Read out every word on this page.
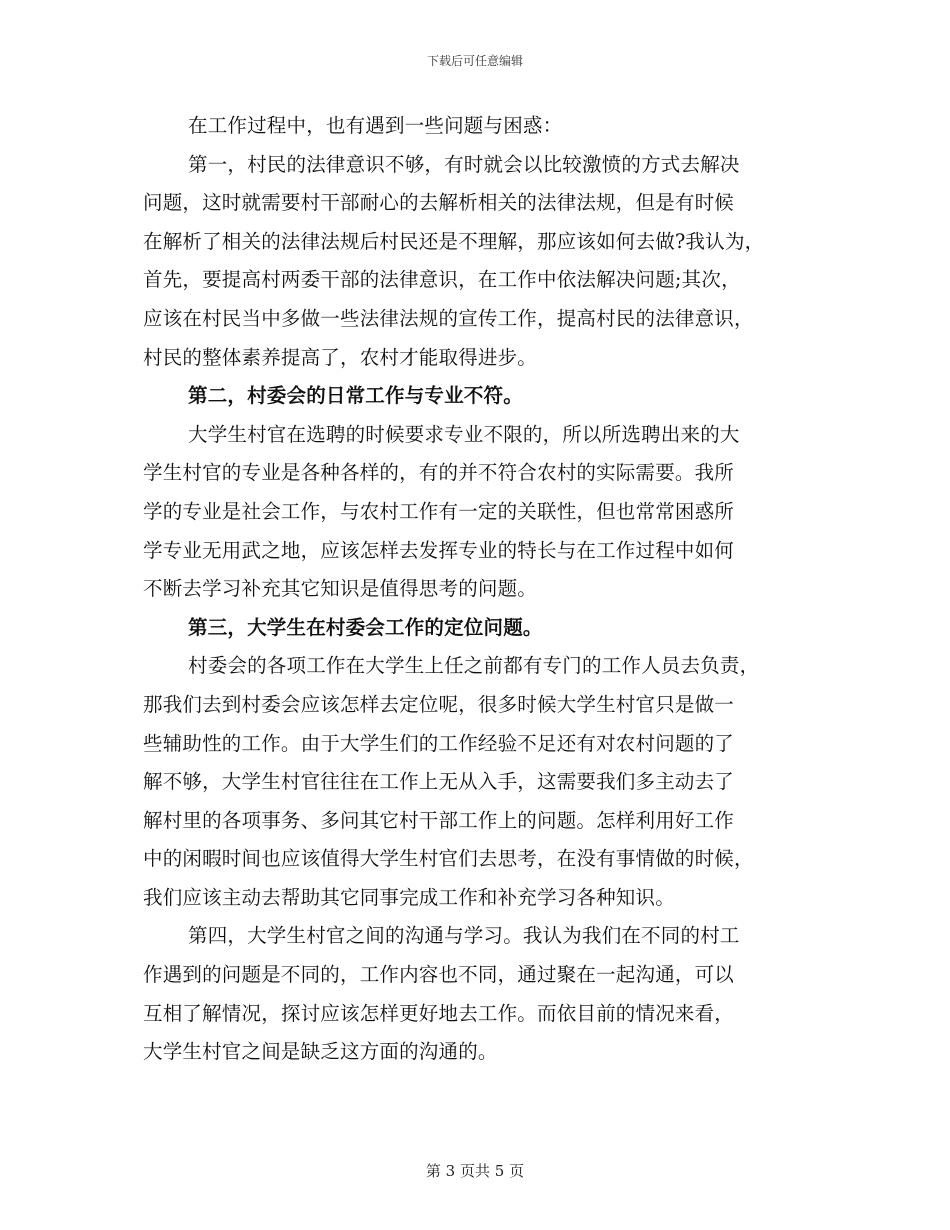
下载后可任意编辑
在工作过程中，也有遇到一些问题与困惑：
第一，村民的法律意识不够，有时就会以比较激愤的方式去解决
问题，这时就需要村干部耐心的去解析相关的法律法规，但是有时候
在解析了相关的法律法规后村民还是不理解，那应该如何去做?我认为，
首先，要提高村两委干部的法律意识，在工作中依法解决问题;其次，
应该在村民当中多做一些法律法规的宣传工作，提高村民的法律意识，
村民的整体素养提高了，农村才能取得进步。
第二，村委会的日常工作与专业不符。
大学生村官在选聘的时候要求专业不限的，所以所选聘出来的大
学生村官的专业是各种各样的，有的并不符合农村的实际需要。我所
学的专业是社会工作，与农村工作有一定的关联性，但也常常困惑所
学专业无用武之地，应该怎样去发挥专业的特长与在工作过程中如何
不断去学习补充其它知识是值得思考的问题。
第三，大学生在村委会工作的定位问题。
村委会的各项工作在大学生上任之前都有专门的工作人员去负责，
那我们去到村委会应该怎样去定位呢，很多时候大学生村官只是做一
些辅助性的工作。由于大学生们的工作经验不足还有对农村问题的了
解不够，大学生村官往往在工作上无从入手，这需要我们多主动去了
解村里的各项事务、多问其它村干部工作上的问题。怎样利用好工作
中的闲暇时间也应该值得大学生村官们去思考，在没有事情做的时候，
我们应该主动去帮助其它同事完成工作和补充学习各种知识。
第四，大学生村官之间的沟通与学习。我认为我们在不同的村工
作遇到的问题是不同的，工作内容也不同，通过聚在一起沟通，可以
互相了解情况，探讨应该怎样更好地去工作。而依目前的情况来看，
大学生村官之间是缺乏这方面的沟通的。
第 3 页共 5 页
